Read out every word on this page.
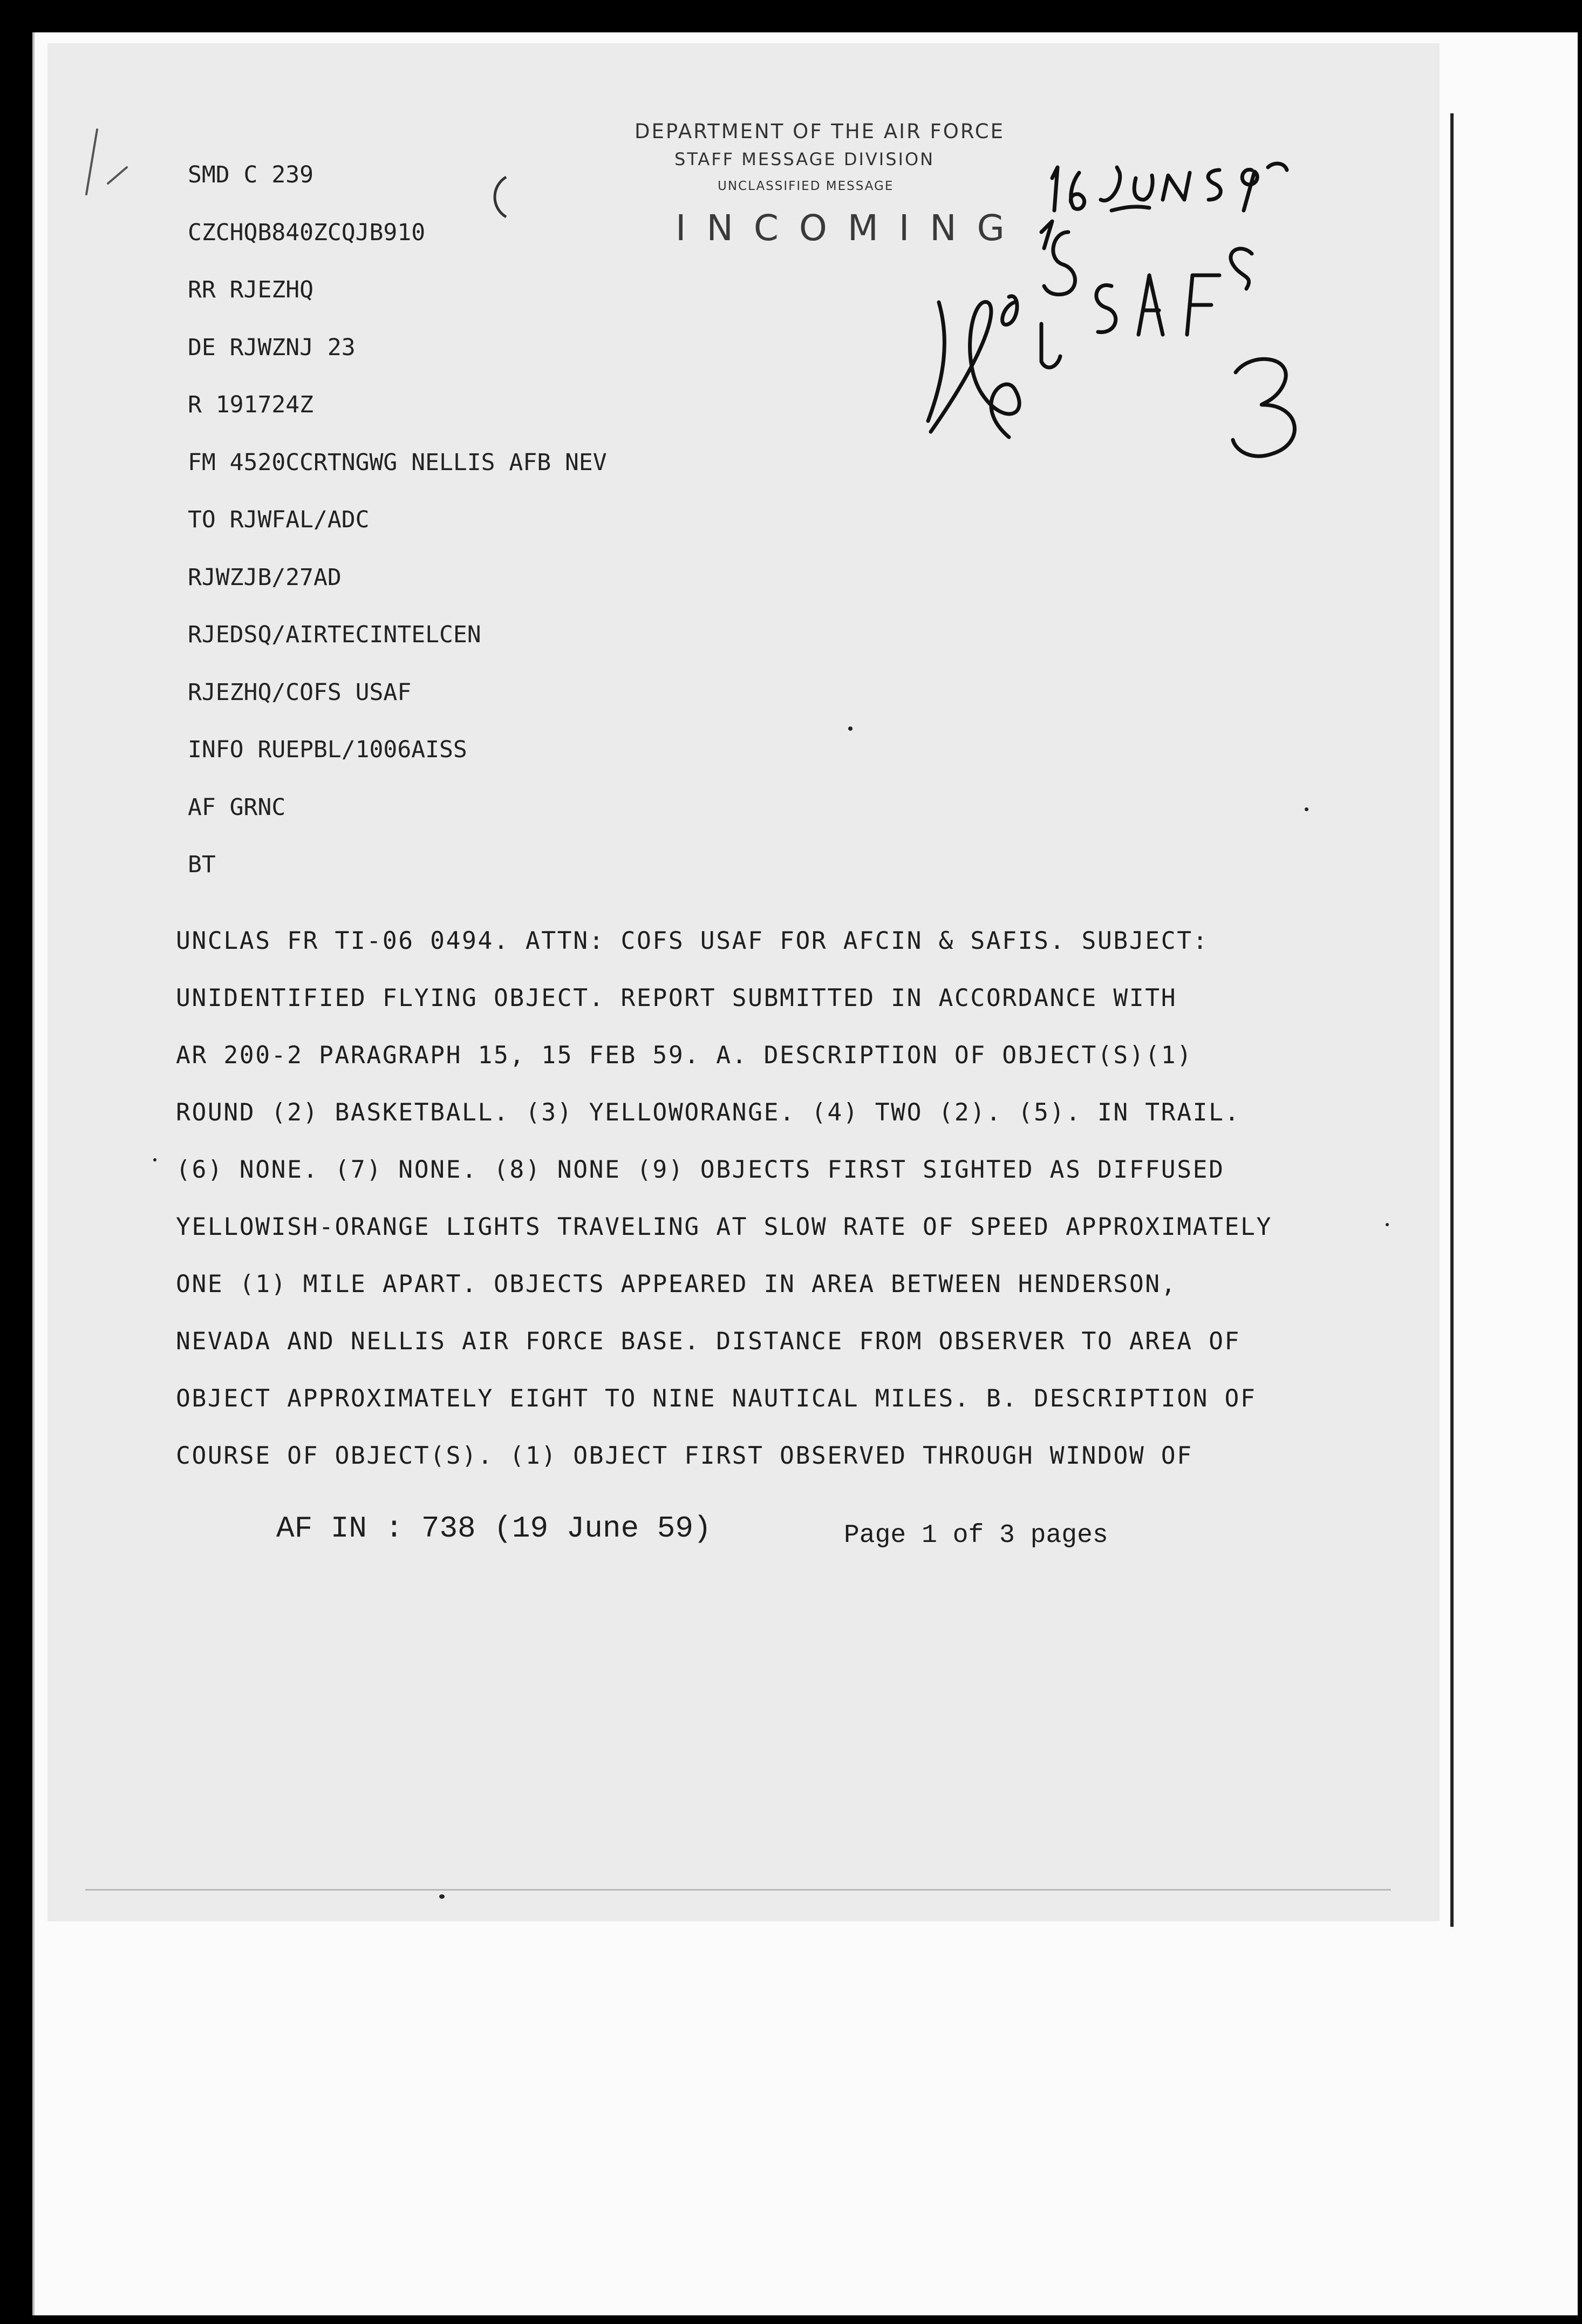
DEPARTMENT OF THE AIR FORCE
STAFF MESSAGE DIVISION
UNCLASSIFIED MESSAGE
INCOMING
SMD C 239
CZCHQB840ZCQJB910
RR RJEZHQ
DE RJWZNJ 23
R 191724Z
FM 4520CCRTNGWG NELLIS AFB NEV
TO RJWFAL/ADC
RJWZJB/27AD
RJEDSQ/AIRTECINTELCEN
RJEZHQ/COFS USAF
INFO RUEPBL/1006AISS
AF GRNC
BT
UNCLAS FR TI-06 0494. ATTN: COFS USAF FOR AFCIN & SAFIS. SUBJECT:
UNIDENTIFIED FLYING OBJECT. REPORT SUBMITTED IN ACCORDANCE WITH
AR 200-2 PARAGRAPH 15, 15 FEB 59. A. DESCRIPTION OF OBJECT(S)(1)
ROUND (2) BASKETBALL. (3) YELLOWORANGE. (4) TWO (2). (5). IN TRAIL.
(6) NONE. (7) NONE. (8) NONE (9) OBJECTS FIRST SIGHTED AS DIFFUSED
YELLOWISH-ORANGE LIGHTS TRAVELING AT SLOW RATE OF SPEED APPROXIMATELY
ONE (1) MILE APART. OBJECTS APPEARED IN AREA BETWEEN HENDERSON,
NEVADA AND NELLIS AIR FORCE BASE. DISTANCE FROM OBSERVER TO AREA OF
OBJECT APPROXIMATELY EIGHT TO NINE NAUTICAL MILES. B. DESCRIPTION OF
COURSE OF OBJECT(S). (1) OBJECT FIRST OBSERVED THROUGH WINDOW OF
AF IN : 738 (19 June 59)	Page 1 of 3 pages
